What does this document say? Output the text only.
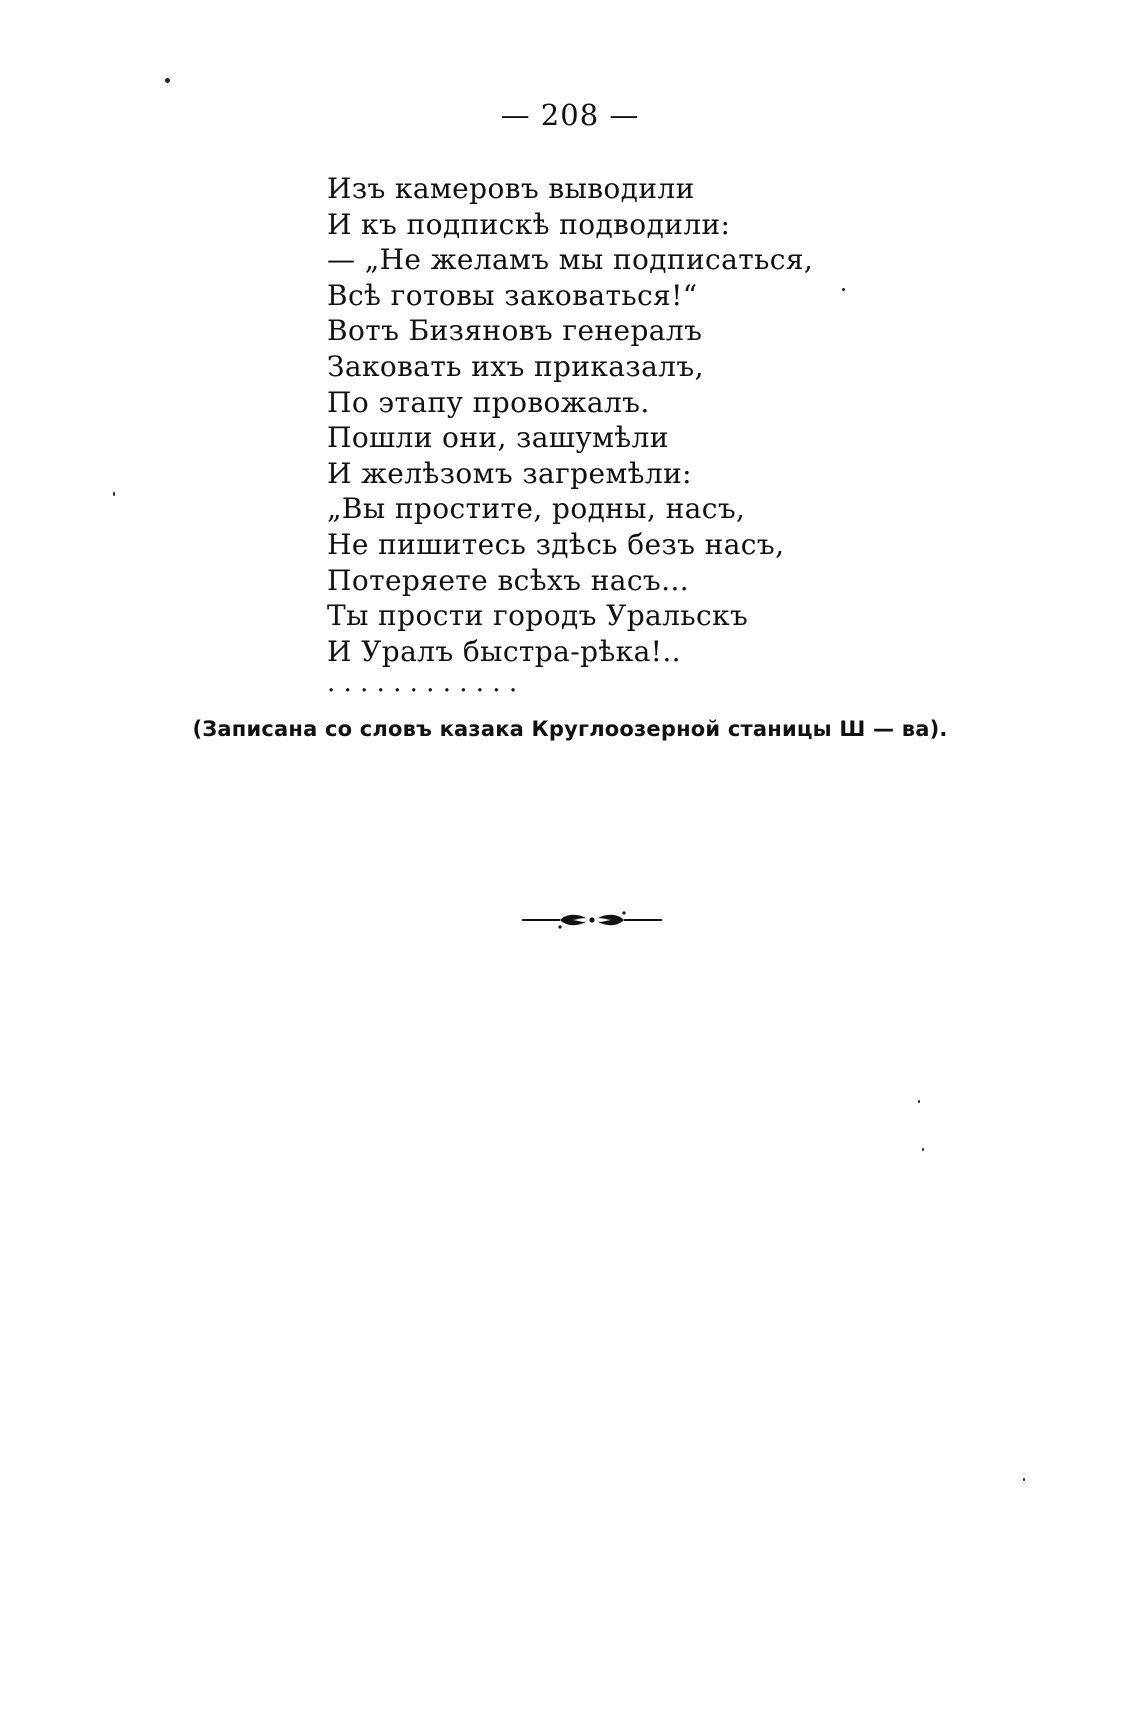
— 208 —
Изъ камеровъ выводили
И къ подпискѣ подводили:
— „Не желамъ мы подписаться,
Всѣ готовы заковаться!“
Вотъ Бизяновъ генералъ
Заковать ихъ приказалъ,
По этапу провожалъ.
Пошли они, зашумѣли
И желѣзомъ загремѣли:
„Вы простите, родны, насъ,
Не пишитесь здѣсь безъ насъ,
Потеряете всѣхъ насъ...
Ты прости городъ Уральскъ
И Уралъ быстра-рѣка!..
. . . . . . . . . . . .
(Записана со словъ казака Круглоозерной станицы Ш — ва).
